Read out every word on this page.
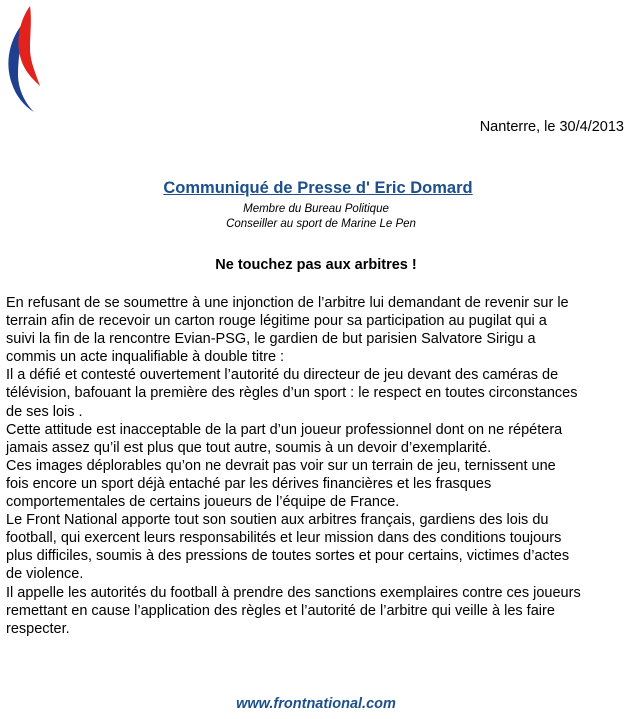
Nanterre, le 30/4/2013
Communiqué de Presse d' Eric Domard
Membre du Bureau Politique
Conseiller au sport de Marine Le Pen
Ne touchez pas aux arbitres !
En refusant de se soumettre à une injonction de l’arbitre lui demandant de revenir sur le
terrain afin de recevoir un carton rouge légitime pour sa participation au pugilat qui a
suivi la fin de la rencontre Evian-PSG, le gardien de but parisien Salvatore Sirigu a
commis un acte inqualifiable à double titre :
Il a défié et contesté ouvertement l’autorité du directeur de jeu devant des caméras de
télévision, bafouant la première des règles d’un sport : le respect en toutes circonstances
de ses lois .
Cette attitude est inacceptable de la part d’un joueur professionnel dont on ne répétera
jamais assez qu’il est plus que tout autre, soumis à un devoir d’exemplarité.
Ces images déplorables qu’on ne devrait pas voir sur un terrain de jeu, ternissent une
fois encore un sport déjà entaché par les dérives financières et les frasques
comportementales de certains joueurs de l’équipe de France.
Le Front National apporte tout son soutien aux arbitres français, gardiens des lois du
football, qui exercent leurs responsabilités et leur mission dans des conditions toujours
plus difficiles, soumis à des pressions de toutes sortes et pour certains, victimes d’actes
de violence.
Il appelle les autorités du football à prendre des sanctions exemplaires contre ces joueurs
remettant en cause l’application des règles et l’autorité de l’arbitre qui veille à les faire
respecter.
www.frontnational.com
